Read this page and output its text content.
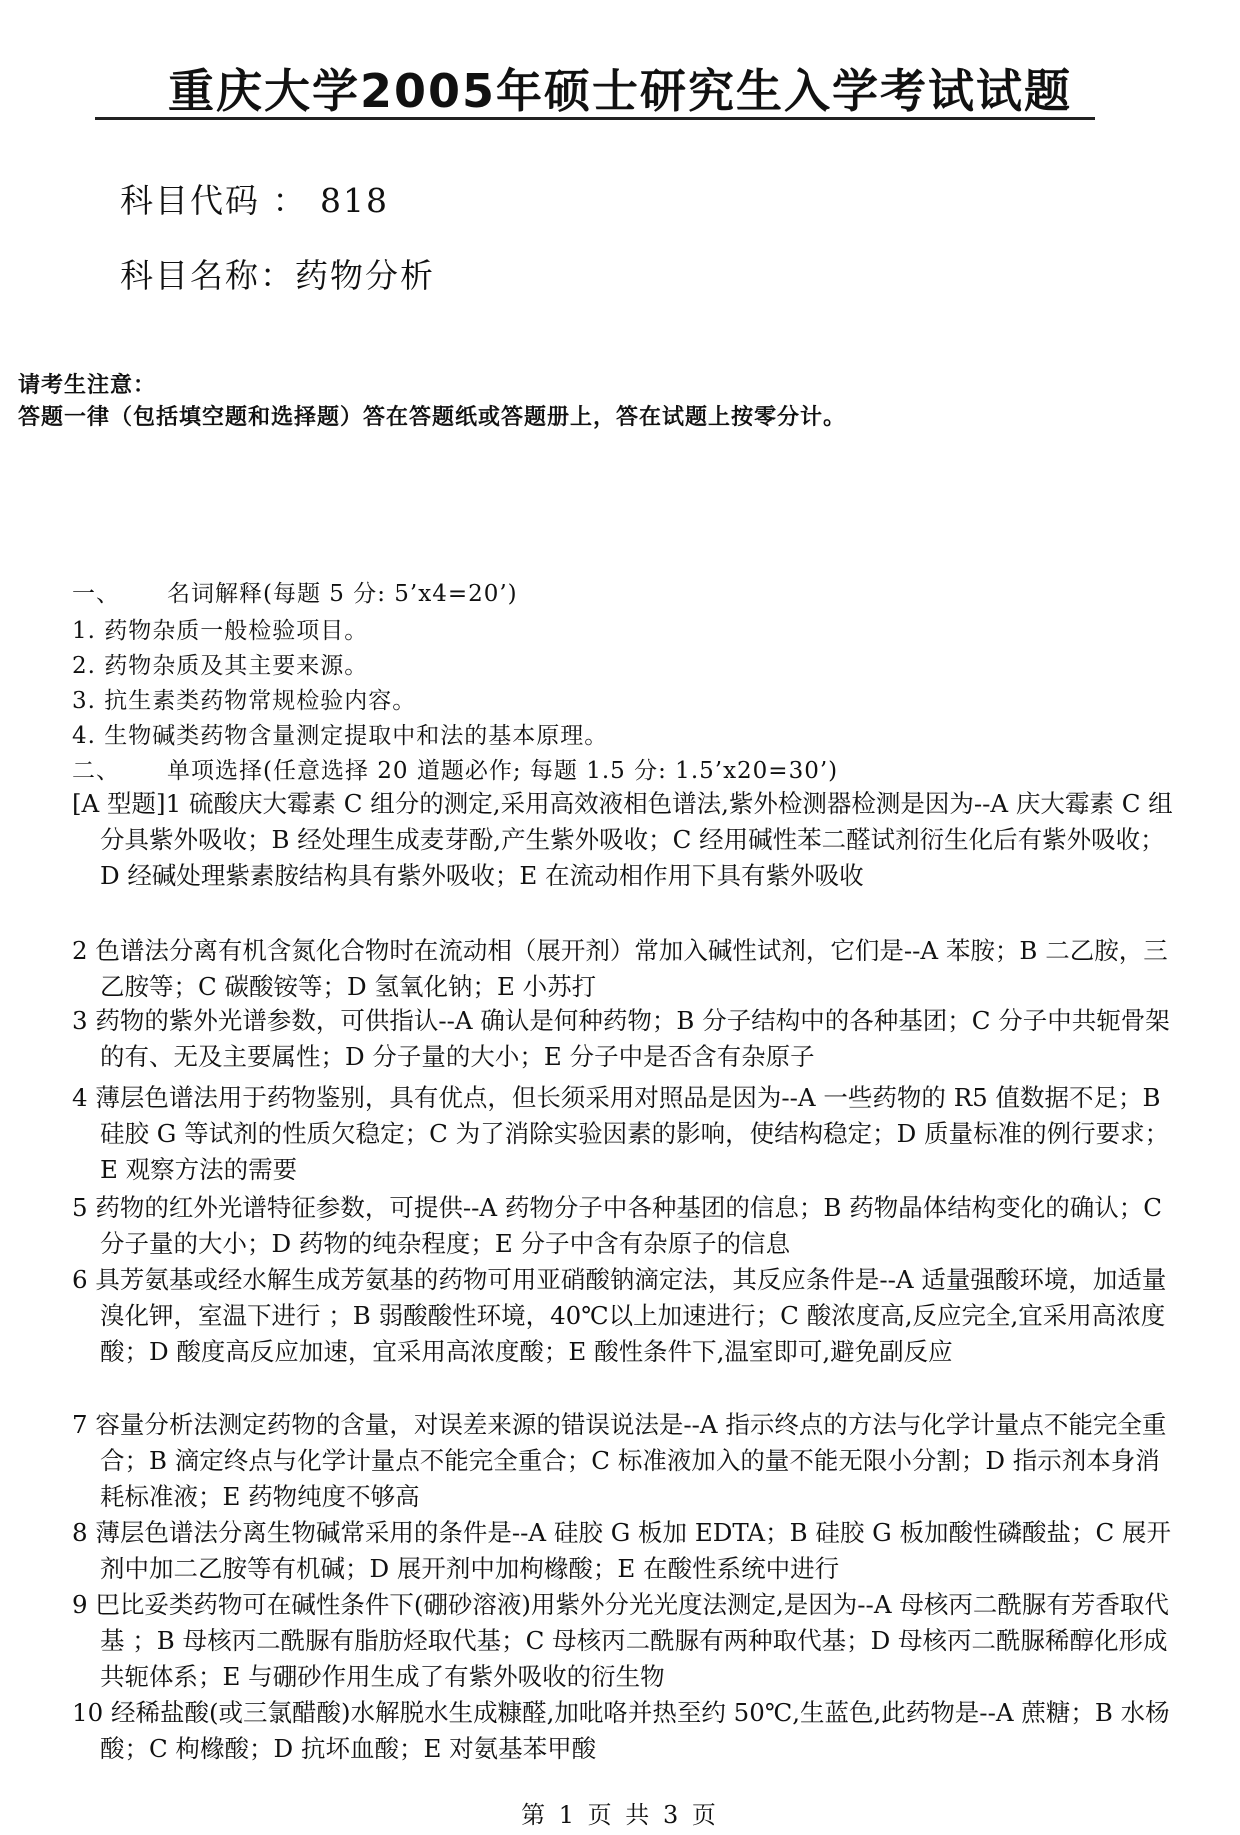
重庆大学2005年硕士研究生入学考试试题
科目代码 ： 818
科目名称：药物分析
请考生注意：
答题一律（包括填空题和选择题）答在答题纸或答题册上，答在试题上按零分计。
一、 名词解释(每题 5 分: 5’x4=20’)
1. 药物杂质一般检验项目。
2. 药物杂质及其主要来源。
3. 抗生素类药物常规检验内容。
4. 生物碱类药物含量测定提取中和法的基本原理。
二、 单项选择(任意选择 20 道题必作; 每题 1.5 分: 1.5’x20=30’)
[A 型题]1 硫酸庆大霉素 C 组分的测定,采用高效液相色谱法,紫外检测器检测是因为--A 庆大霉素 C 组分具紫外吸收；B 经处理生成麦芽酚,产生紫外吸收；C 经用碱性苯二醛试剂衍生化后有紫外吸收；D 经碱处理紫素胺结构具有紫外吸收；E 在流动相作用下具有紫外吸收
2 色谱法分离有机含氮化合物时在流动相（展开剂）常加入碱性试剂，它们是--A 苯胺；B 二乙胺，三乙胺等；C 碳酸铵等；D 氢氧化钠；E 小苏打
3 药物的紫外光谱参数，可供指认--A 确认是何种药物；B 分子结构中的各种基团；C 分子中共轭骨架的有、无及主要属性；D 分子量的大小；E 分子中是否含有杂原子
4 薄层色谱法用于药物鉴别，具有优点，但长须采用对照品是因为--A 一些药物的 R5 值数据不足；B 硅胶 G 等试剂的性质欠稳定；C 为了消除实验因素的影响，使结构稳定；D 质量标准的例行要求；E 观察方法的需要
5 药物的红外光谱特征参数，可提供--A 药物分子中各种基团的信息；B 药物晶体结构变化的确认；C 分子量的大小；D 药物的纯杂程度；E 分子中含有杂原子的信息
6 具芳氨基或经水解生成芳氨基的药物可用亚硝酸钠滴定法，其反应条件是--A 适量强酸环境，加适量溴化钾，室温下进行 ；B 弱酸酸性环境，40℃以上加速进行；C 酸浓度高,反应完全,宜采用高浓度酸；D 酸度高反应加速，宜采用高浓度酸；E 酸性条件下,温室即可,避免副反应
7 容量分析法测定药物的含量，对误差来源的错误说法是--A 指示终点的方法与化学计量点不能完全重合；B 滴定终点与化学计量点不能完全重合；C 标准液加入的量不能无限小分割；D 指示剂本身消耗标准液；E 药物纯度不够高
8 薄层色谱法分离生物碱常采用的条件是--A 硅胶 G 板加 EDTA；B 硅胶 G 板加酸性磷酸盐；C 展开剂中加二乙胺等有机碱；D 展开剂中加枸橼酸；E 在酸性系统中进行
9 巴比妥类药物可在碱性条件下(硼砂溶液)用紫外分光光度法测定,是因为--A 母核丙二酰脲有芳香取代基 ；B 母核丙二酰脲有脂肪烃取代基；C 母核丙二酰脲有两种取代基；D 母核丙二酰脲稀醇化形成共轭体系；E 与硼砂作用生成了有紫外吸收的衍生物
10 经稀盐酸(或三氯醋酸)水解脱水生成糠醛,加吡咯并热至约 50℃,生蓝色,此药物是--A 蔗糖；B 水杨酸；C 枸橼酸；D 抗坏血酸；E 对氨基苯甲酸
第 1 页 共 3 页
